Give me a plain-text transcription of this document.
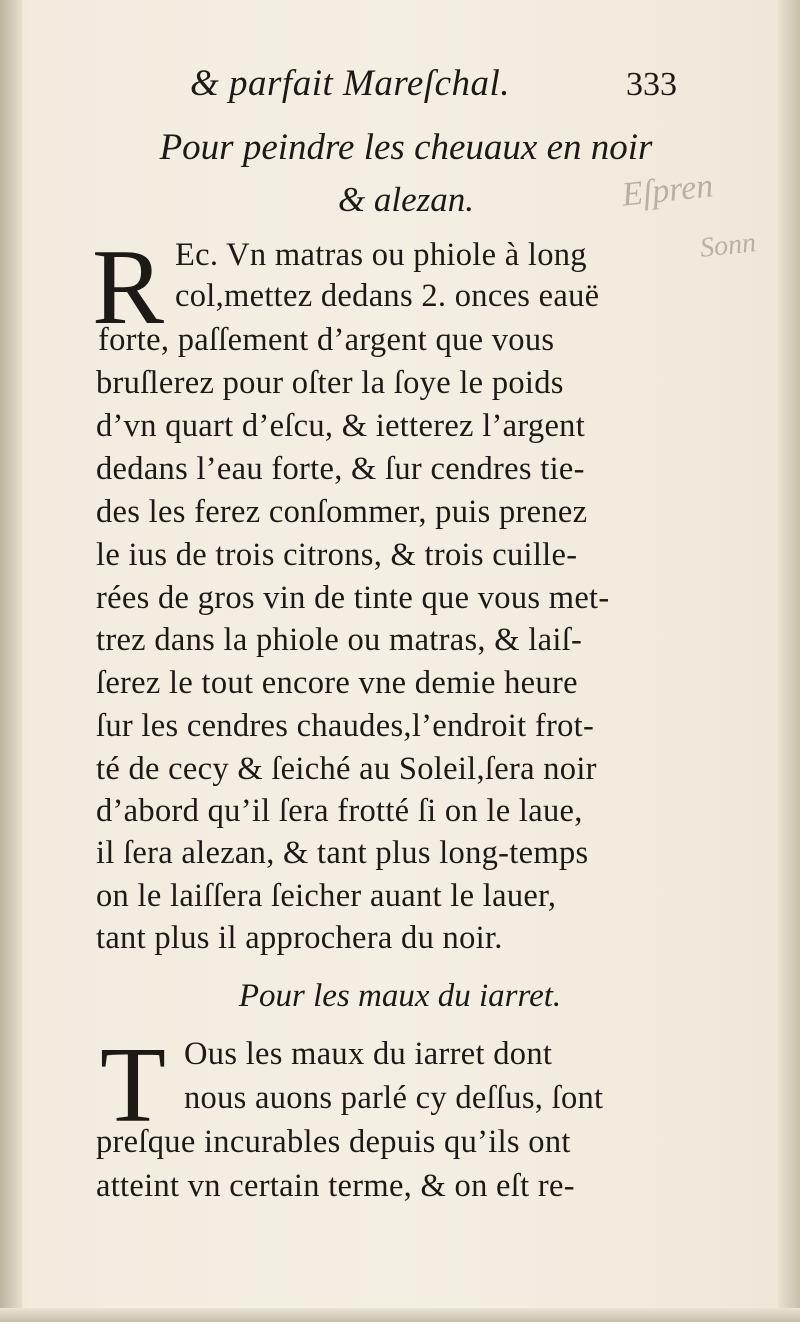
& parfait Mareſchal.	333
Eſpren
Sonn
Pour peindre les cheuaux en noir
& alezan.
R Ec. Vn matras ou phiole à long
col,mettez dedans 2. onces eauë
forte, paſſement d’argent que vous
bruſlerez pour oſter la ſoye le poids
d’vn quart d’eſcu, & ietterez l’argent
dedans l’eau forte, & ſur cendres tie-
des les ferez conſommer, puis prenez
le ius de trois citrons, & trois cuille-
rées de gros vin de tinte que vous met-
trez dans la phiole ou matras, & laiſ-
ſerez le tout encore vne demie heure
ſur les cendres chaudes,l’endroit frot-
té de cecy & ſeiché au Soleil,ſera noir
d’abord qu’il ſera frotté ſi on le laue,
il ſera alezan, & tant plus long-temps
on le laiſſera ſeicher auant le lauer,
tant plus il approchera du noir.
Pour les maux du iarret.
T Ous les maux du iarret dont
nous auons parlé cy deſſus, ſont
preſque incurables depuis qu’ils ont
atteint vn certain terme, & on eſt re-
